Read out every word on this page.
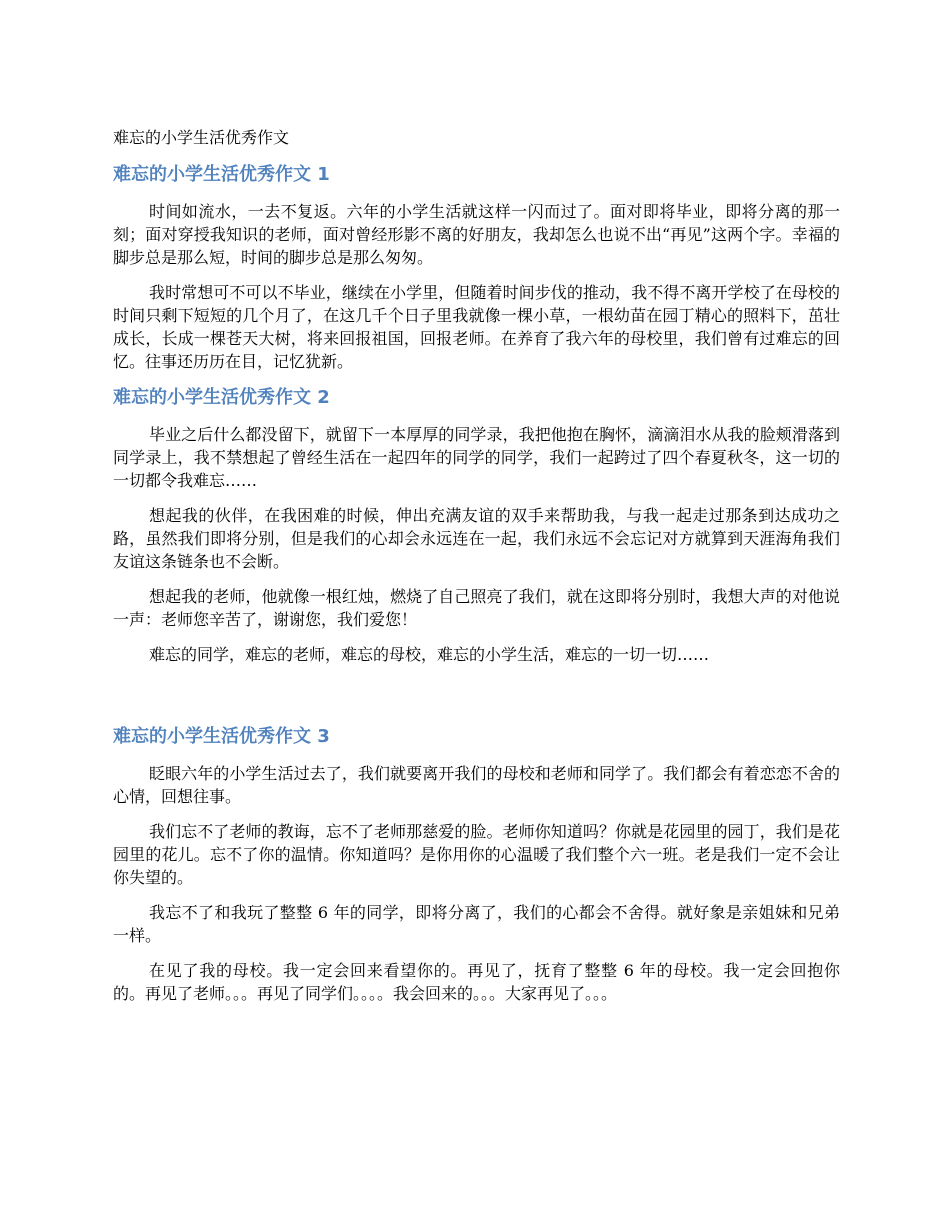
难忘的小学生活优秀作文
难忘的小学生活优秀作文 1

时间如流水，一去不复返。六年的小学生活就这样一闪而过了。面对即将毕业，即将分离的那一刻；面对穿授我知识的老师，面对曾经形影不离的好朋友，我却怎么也说不出“再见”这两个字。幸福的脚步总是那么短，时间的脚步总是那么匆匆。

我时常想可不可以不毕业，继续在小学里，但随着时间步伐的推动，我不得不离开学校了在母校的时间只剩下短短的几个月了，在这几千个日子里我就像一棵小草，一根幼苗在园丁精心的照料下，茁壮成长，长成一棵苍天大树，将来回报祖国，回报老师。在养育了我六年的母校里，我们曾有过难忘的回忆。往事还历历在目，记忆犹新。

难忘的小学生活优秀作文 2

毕业之后什么都没留下，就留下一本厚厚的同学录，我把他抱在胸怀，滴滴泪水从我的脸颊滑落到同学录上，我不禁想起了曾经生活在一起四年的同学的同学，我们一起跨过了四个春夏秋冬，这一切的一切都令我难忘……

想起我的伙伴，在我困难的时候，伸出充满友谊的双手来帮助我，与我一起走过那条到达成功之路，虽然我们即将分别，但是我们的心却会永远连在一起，我们永远不会忘记对方就算到天涯海角我们友谊这条链条也不会断。

想起我的老师，他就像一根红烛，燃烧了自己照亮了我们，就在这即将分别时，我想大声的对他说一声：老师您辛苦了，谢谢您，我们爱您！

难忘的同学，难忘的老师，难忘的母校，难忘的小学生活，难忘的一切一切……

难忘的小学生活优秀作文 3

眨眼六年的小学生活过去了，我们就要离开我们的母校和老师和同学了。我们都会有着恋恋不舍的心情，回想往事。

我们忘不了老师的教诲，忘不了老师那慈爱的脸。老师你知道吗？你就是花园里的园丁，我们是花园里的花儿。忘不了你的温情。你知道吗？是你用你的心温暖了我们整个六一班。老是我们一定不会让你失望的。

我忘不了和我玩了整整 6 年的同学，即将分离了，我们的心都会不舍得。就好象是亲姐妹和兄弟一样。

在见了我的母校。我一定会回来看望你的。再见了，抚育了整整 6 年的母校。我一定会回抱你的。再见了老师。。。再见了同学们。。。。我会回来的。。。大家再见了。。。
